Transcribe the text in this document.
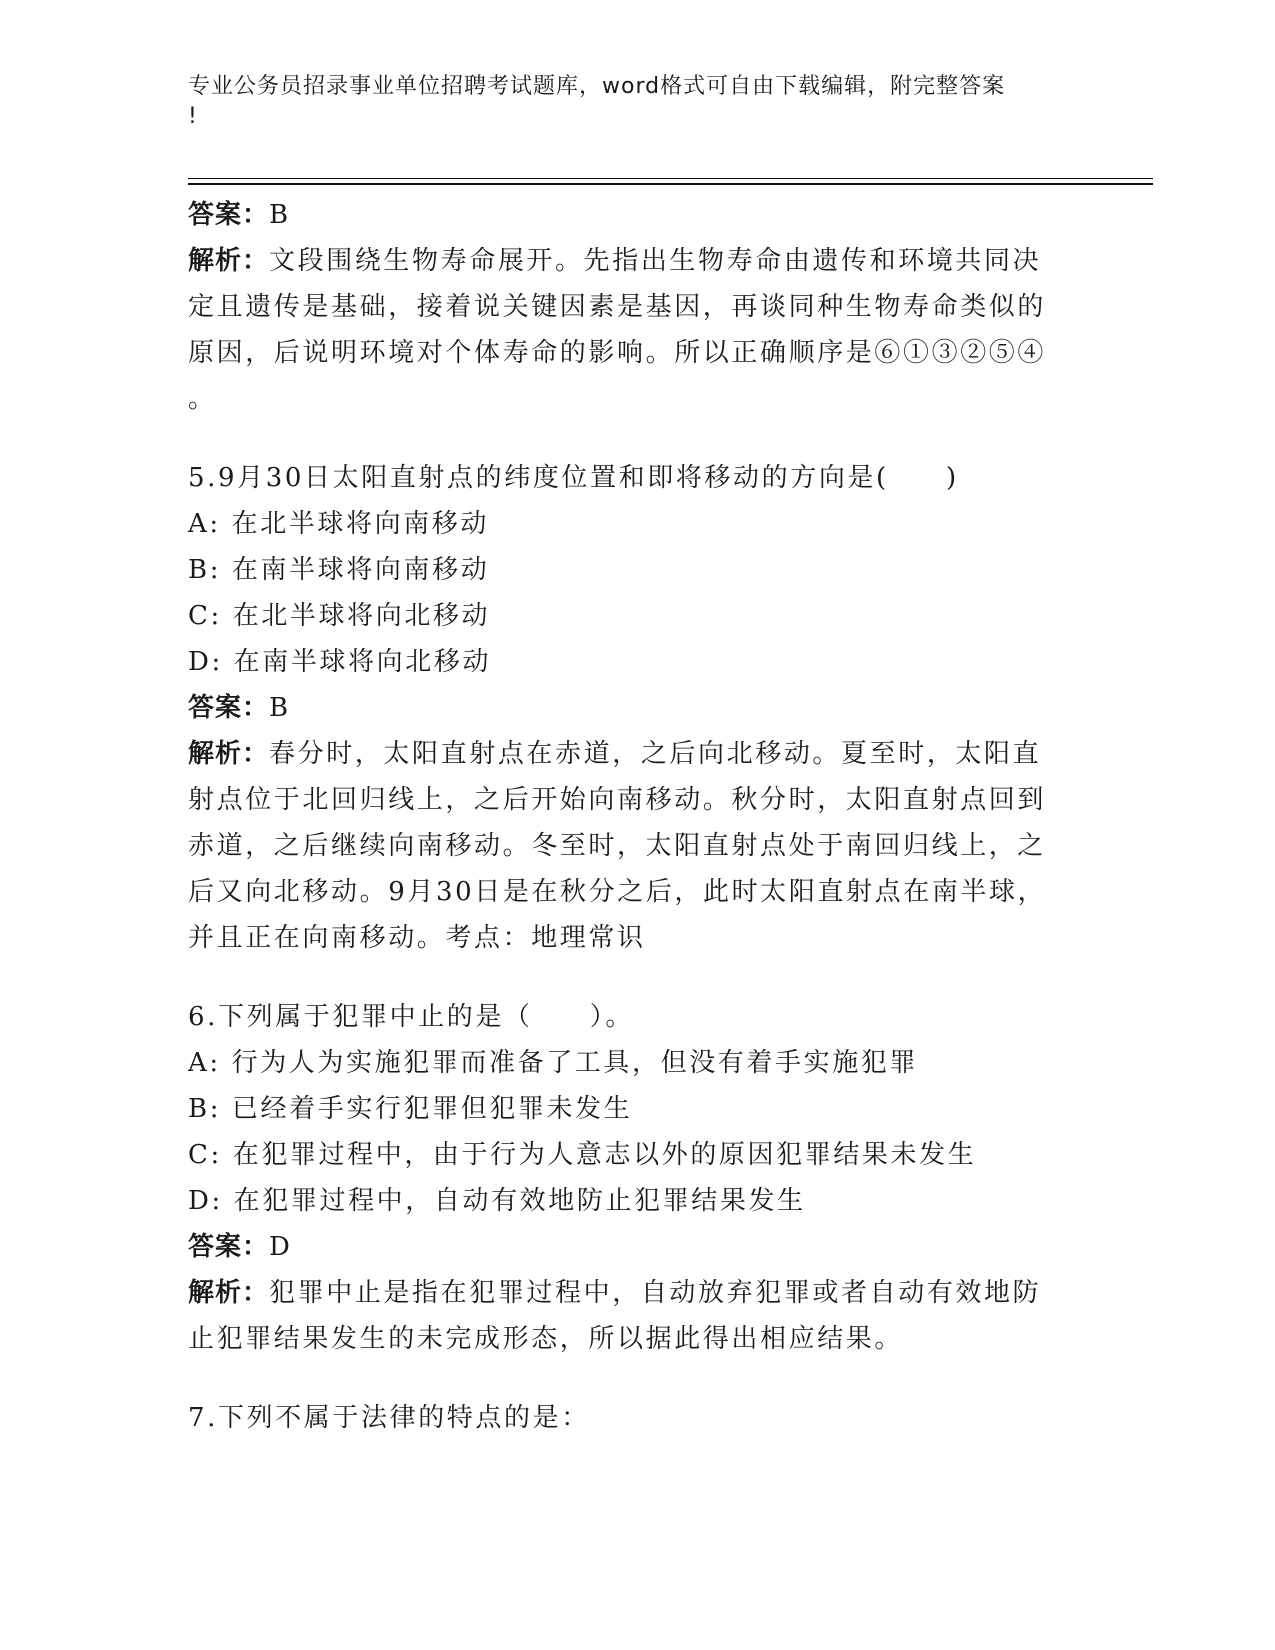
专业公务员招录事业单位招聘考试题库，word格式可自由下载编辑，附完整答案
!
答案：B
解析：文段围绕生物寿命展开。先指出生物寿命由遗传和环境共同决
定且遗传是基础，接着说关键因素是基因，再谈同种生物寿命类似的
原因，后说明环境对个体寿命的影响。所以正确顺序是⑥①③②⑤④
。
5.9月30日太阳直射点的纬度位置和即将移动的方向是(　　)
A: 在北半球将向南移动
B: 在南半球将向南移动
C: 在北半球将向北移动
D: 在南半球将向北移动
答案：B
解析：春分时，太阳直射点在赤道，之后向北移动。夏至时，太阳直
射点位于北回归线上，之后开始向南移动。秋分时，太阳直射点回到
赤道，之后继续向南移动。冬至时，太阳直射点处于南回归线上，之
后又向北移动。9月30日是在秋分之后，此时太阳直射点在南半球，
并且正在向南移动。考点：地理常识
6.下列属于犯罪中止的是（　　）。
A: 行为人为实施犯罪而准备了工具，但没有着手实施犯罪
B: 已经着手实行犯罪但犯罪未发生
C: 在犯罪过程中，由于行为人意志以外的原因犯罪结果未发生
D: 在犯罪过程中，自动有效地防止犯罪结果发生
答案：D
解析：犯罪中止是指在犯罪过程中，自动放弃犯罪或者自动有效地防
止犯罪结果发生的未完成形态，所以据此得出相应结果。
7.下列不属于法律的特点的是：
